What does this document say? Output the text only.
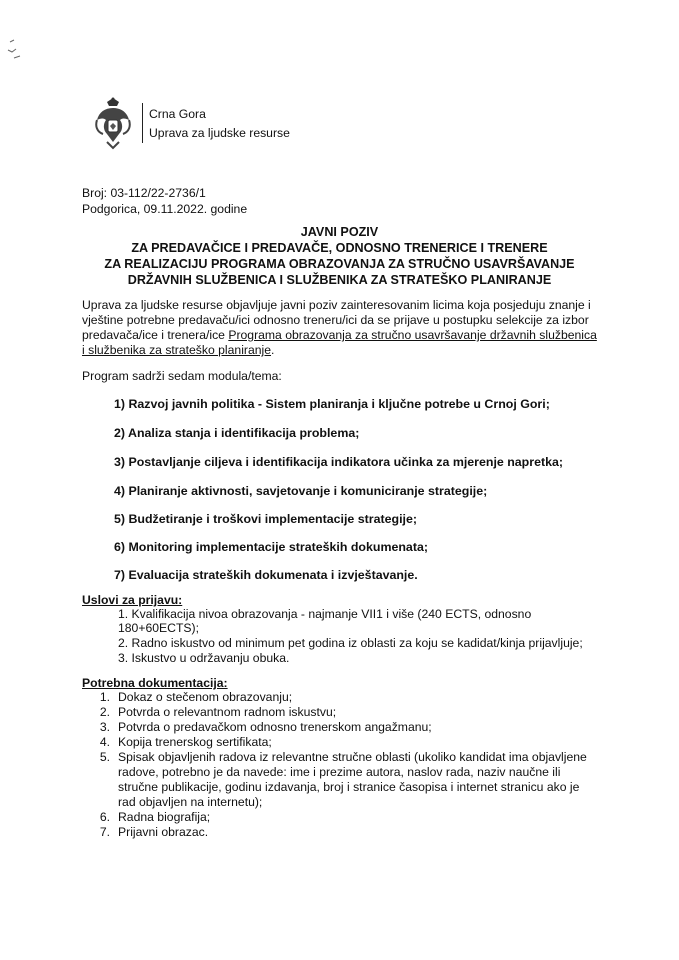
Crna Gora
Uprava za ljudske resurse
Broj: 03-112/22-2736/1
Podgorica, 09.11.2022. godine
JAVNI POZIV
ZA PREDAVAČICE I PREDAVAČE, ODNOSNO TRENERICE I TRENERE
ZA REALIZACIJU PROGRAMA OBRAZOVANJA ZA STRUČNO USAVRŠAVANJE
DRŽAVNIH SLUŽBENICA I SLUŽBENIKA ZA STRATEŠKO PLANIRANJE
Uprava za ljudske resurse objavljuje javni poziv zainteresovanim licima koja posjeduju znanje i
vještine potrebne predavaču/ici odnosno treneru/ici da se prijave u postupku selekcije za izbor
predavača/ice i trenera/ice Programa obrazovanja za stručno usavršavanje državnih službenica
i službenika za strateško planiranje.
Program sadrži sedam modula/tema:
1) Razvoj javnih politika - Sistem planiranja i ključne potrebe u Crnoj Gori;
2) Analiza stanja i identifikacija problema;
3) Postavljanje ciljeva i identifikacija indikatora učinka za mjerenje napretka;
4) Planiranje aktivnosti, savjetovanje i komuniciranje strategije;
5) Budžetiranje i troškovi implementacije strategije;
6) Monitoring implementacije strateških dokumenata;
7) Evaluacija strateških dokumenata i izvještavanje.
Uslovi za prijavu:
1. Kvalifikacija nivoa obrazovanja - najmanje VII1 i više (240 ECTS, odnosno
180+60ECTS);
2. Radno iskustvo od minimum pet godina iz oblasti za koju se kadidat/kinja prijavljuje;
3. Iskustvo u održavanju obuka.
Potrebna dokumentacija:
1. Dokaz o stečenom obrazovanju;
2. Potvrda o relevantnom radnom iskustvu;
3. Potvrda o predavačkom odnosno trenerskom angažmanu;
4. Kopija trenerskog sertifikata;
5. Spisak objavljenih radova iz relevantne stručne oblasti (ukoliko kandidat ima objavljene
radove, potrebno je da navede: ime i prezime autora, naslov rada, naziv naučne ili
stručne publikacije, godinu izdavanja, broj i stranice časopisa i internet stranicu ako je
rad objavljen na internetu);
6. Radna biografija;
7. Prijavni obrazac.
